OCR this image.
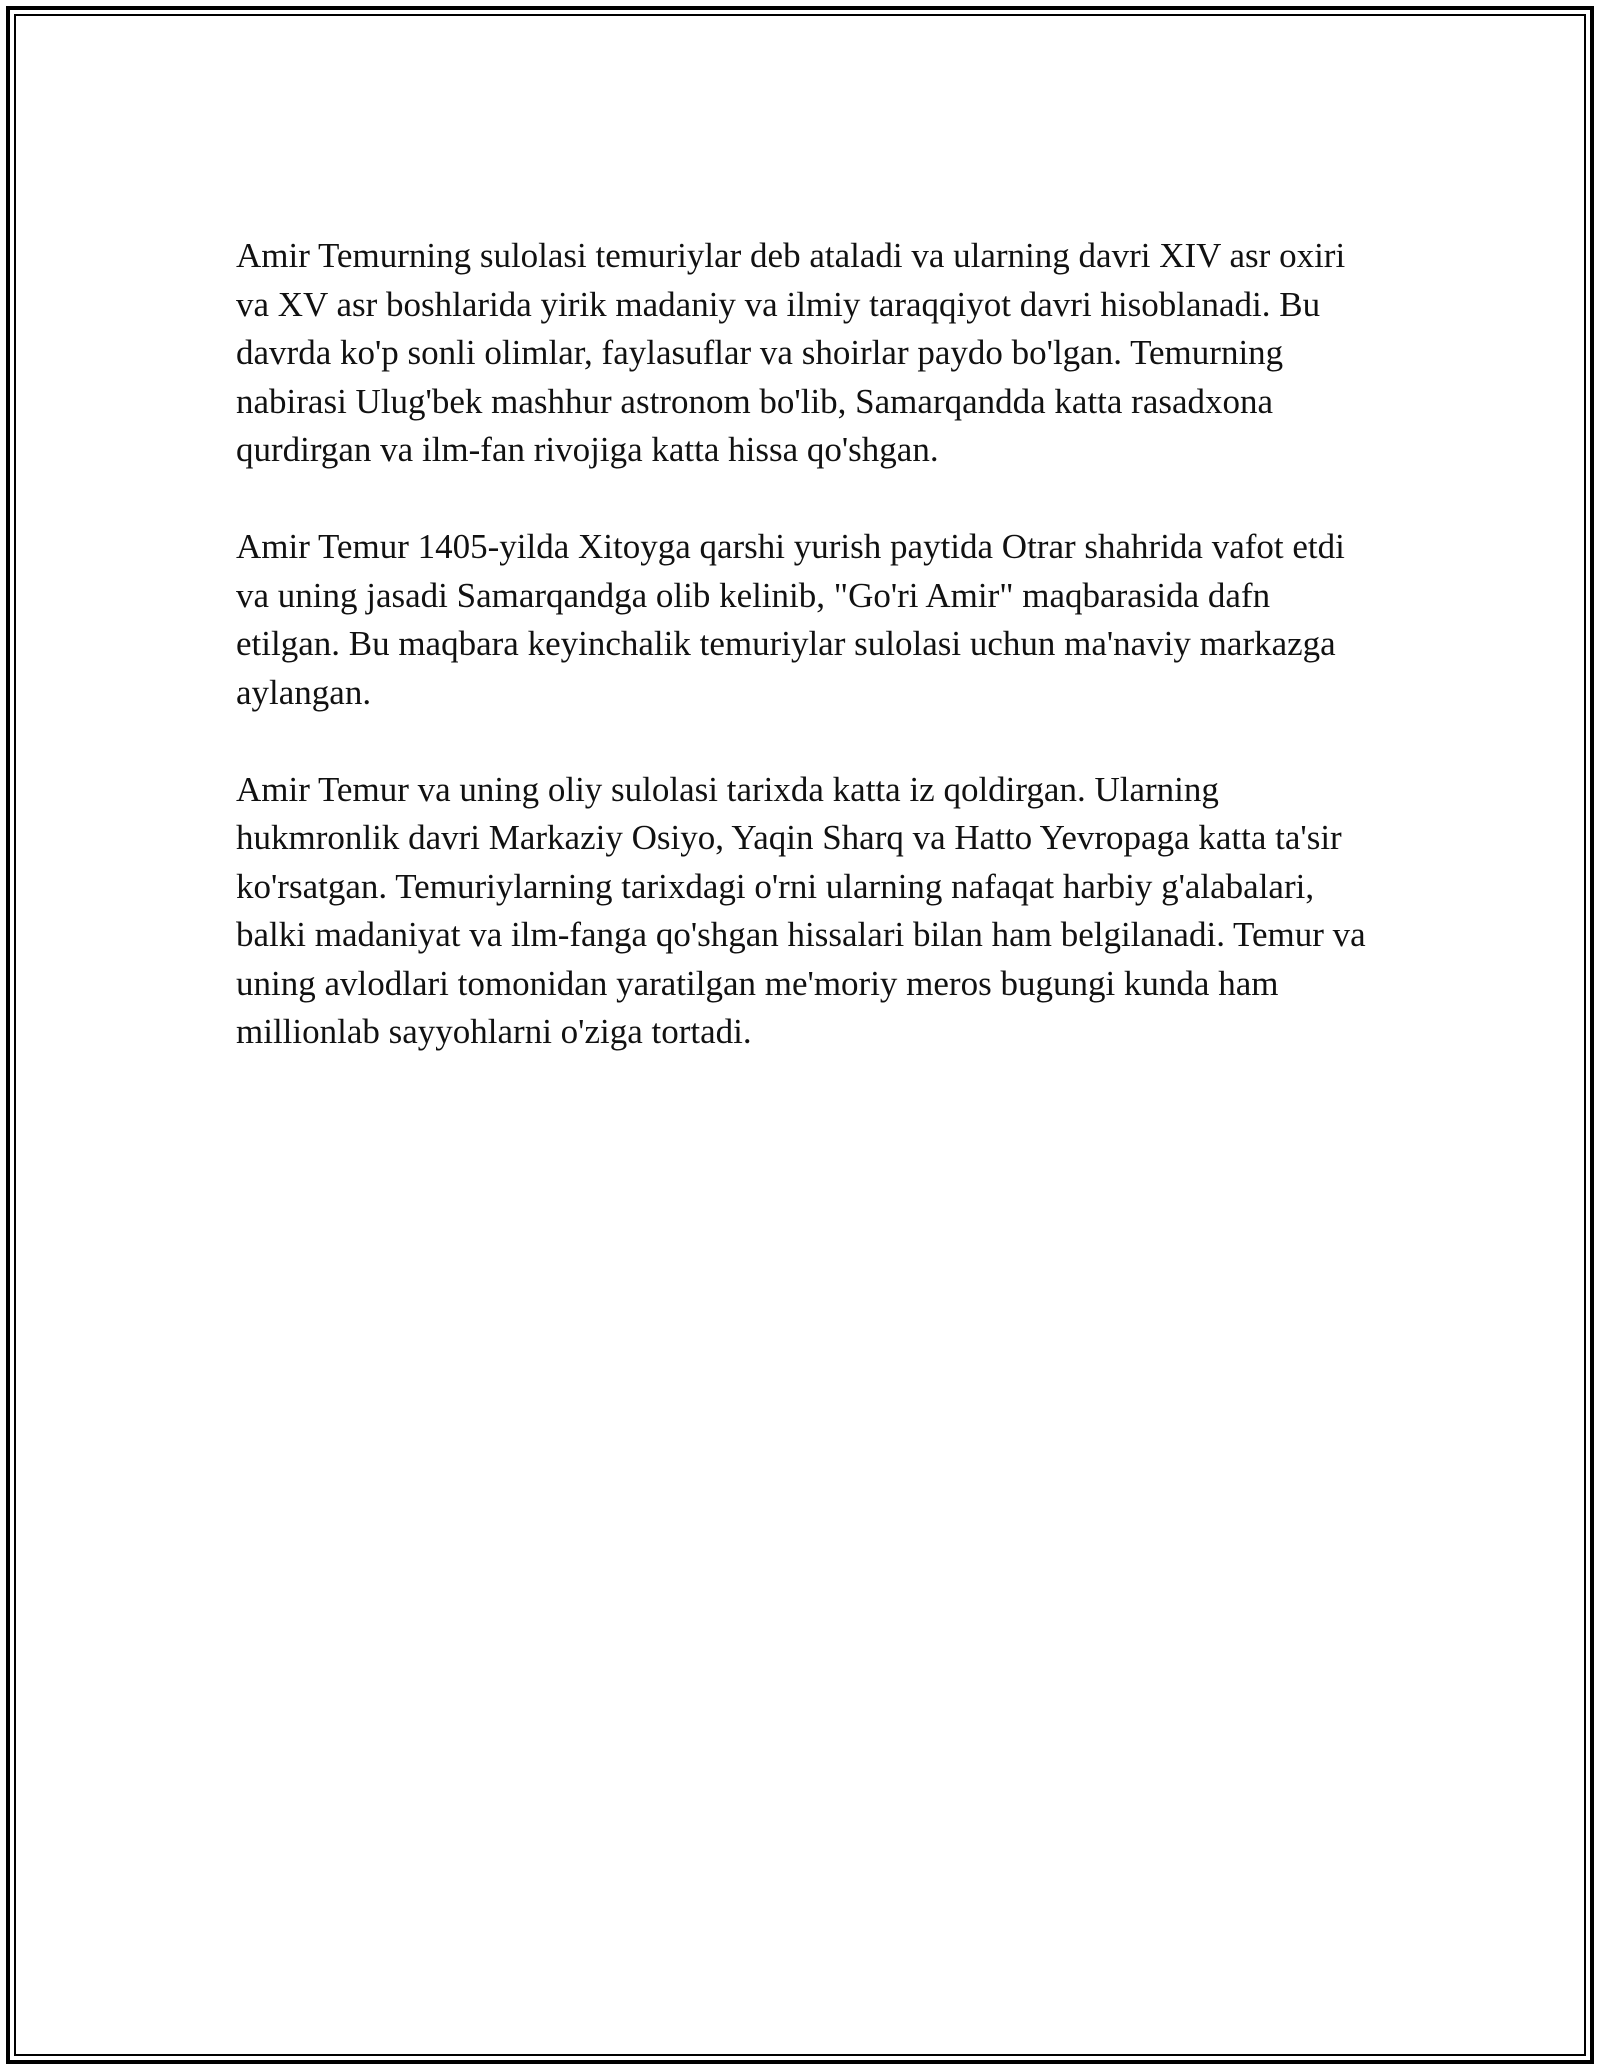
Amir Temurning sulolasi temuriylar deb ataladi va ularning davri XIV asr oxiri va XV asr boshlarida yirik madaniy va ilmiy taraqqiyot davri hisoblanadi. Bu davrda ko'p sonli olimlar, faylasuflar va shoirlar paydo bo'lgan. Temurning nabirasi Ulug'bek mashhur astronom bo'lib, Samarqandda katta rasadxona qurdirgan va ilm-fan rivojiga katta hissa qo'shgan.

Amir Temur 1405-yilda Xitoyga qarshi yurish paytida Otrar shahrida vafot etdi va uning jasadi Samarqandga olib kelinib, "Go'ri Amir" maqbarasida dafn etilgan. Bu maqbara keyinchalik temuriylar sulolasi uchun ma'naviy markazga aylangan.

Amir Temur va uning oliy sulolasi tarixda katta iz qoldirgan. Ularning hukmronlik davri Markaziy Osiyo, Yaqin Sharq va Hatto Yevropaga katta ta'sir ko'rsatgan. Temuriylarning tarixdagi o'rni ularning nafaqat harbiy g'alabalari, balki madaniyat va ilm-fanga qo'shgan hissalari bilan ham belgilanadi. Temur va uning avlodlari tomonidan yaratilgan me'moriy meros bugungi kunda ham millionlab sayyohlarni o'ziga tortadi.
